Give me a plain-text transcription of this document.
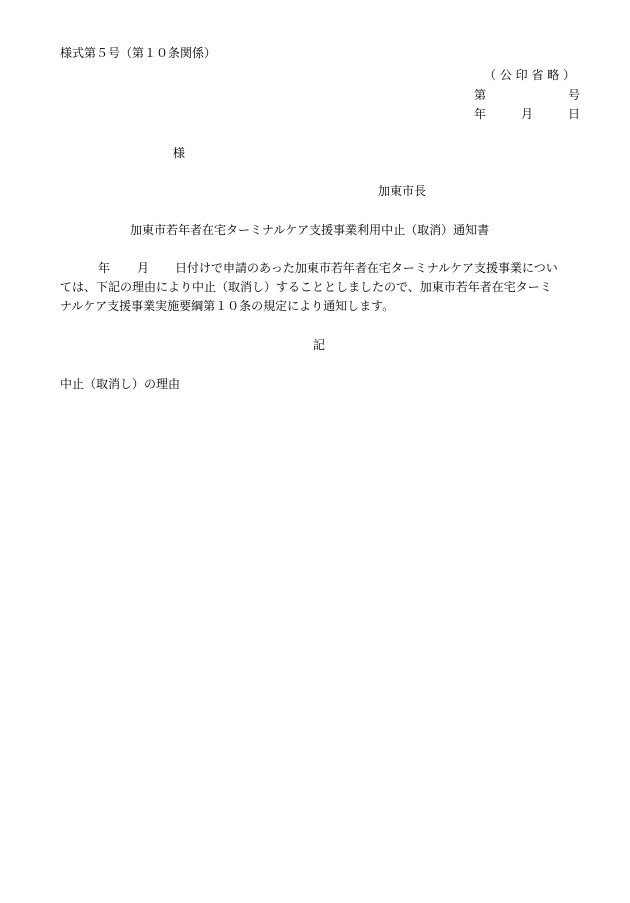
様式第５号（第１０条関係）
（ 公 印 省 略 ）
第	号
年	月	日
様
加東市長
加東市若年者在宅ターミナルケア支援事業利用中止（取消）通知書
年 月 日付けで申請のあった加東市若年者在宅ターミナルケア支援事業につい
ては、下記の理由により中止（取消し）することとしましたので、加東市若年者在宅ターミ
ナルケア支援事業実施要綱第１０条の規定により通知します。
記
中止（取消し）の理由
